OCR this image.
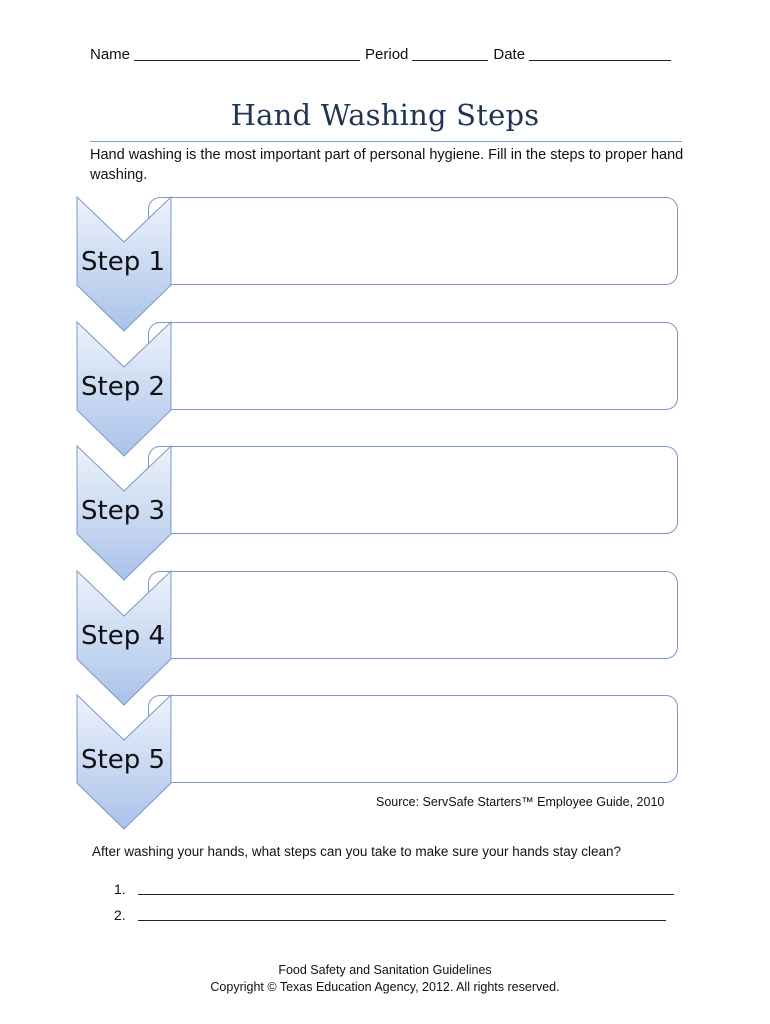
Name	Period	Date
Hand Washing Steps
Hand washing is the most important part of personal hygiene. Fill in the steps to proper hand washing.
Step 1
Step 2
Step 3
Step 4
Step 5
Source: ServSafe Starters™ Employee Guide, 2010
After washing your hands, what steps can you take to make sure your hands stay clean?
1.
2.
Food Safety and Sanitation Guidelines
Copyright © Texas Education Agency, 2012. All rights reserved.
